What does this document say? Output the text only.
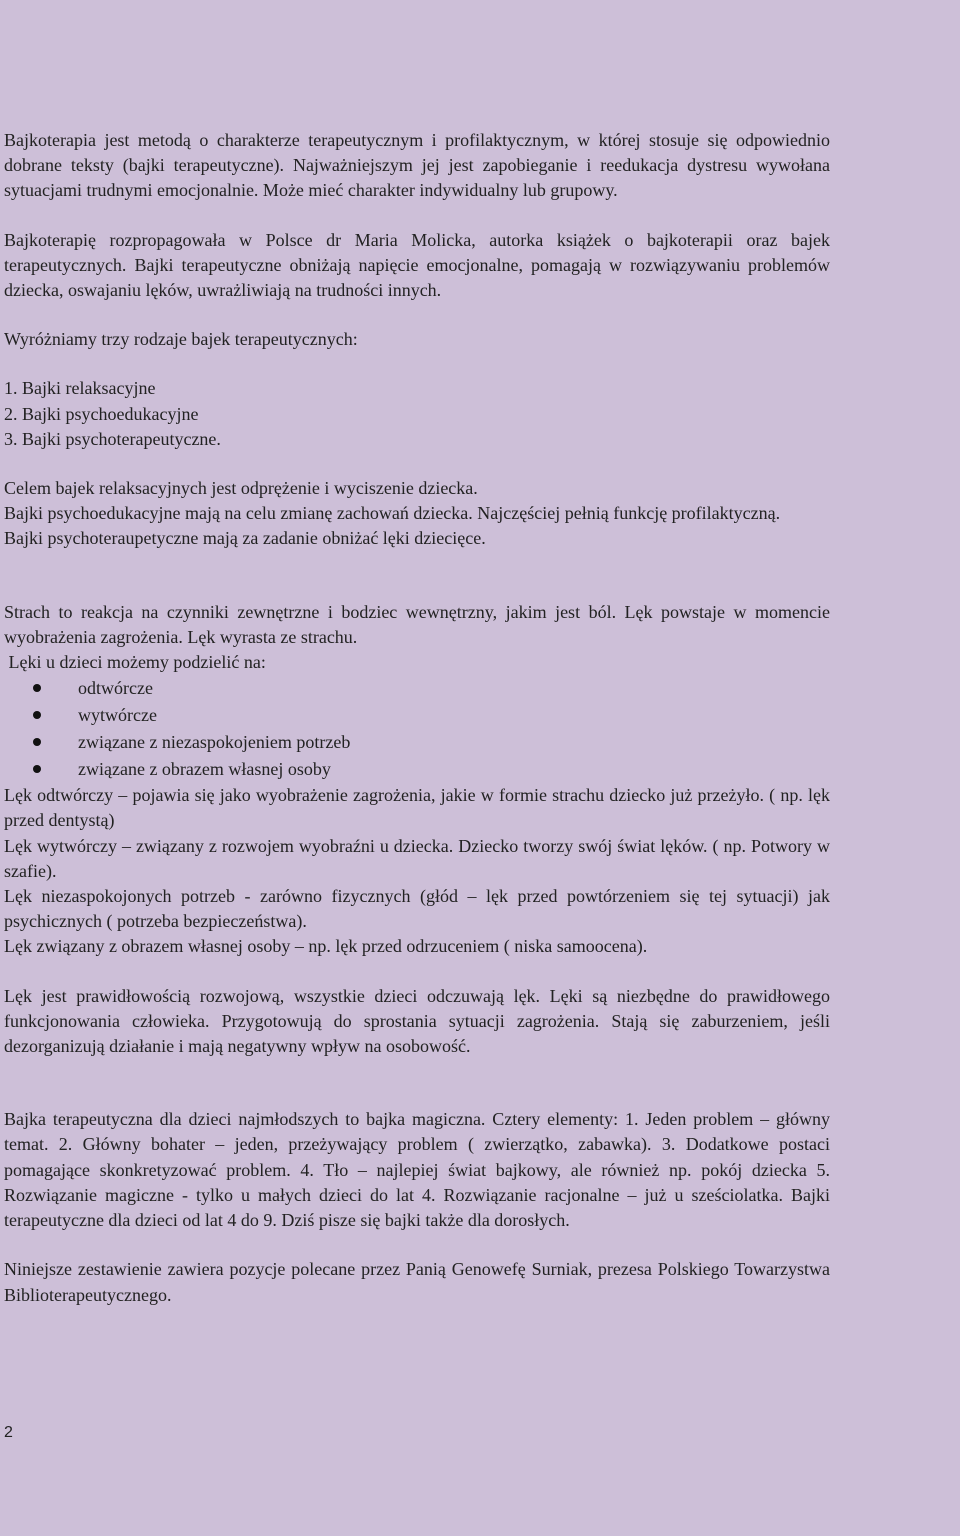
Bajkoterapia jest metodą o charakterze terapeutycznym i profilaktycznym, w której stosuje się odpowiednio dobrane teksty (bajki terapeutyczne). Najważniejszym jej jest zapobieganie i reedukacja dystresu wywołana sytuacjami trudnymi emocjonalnie. Może mieć charakter indywidualny lub grupowy.

Bajkoterapię rozpropagowała w Polsce dr Maria Molicka, autorka książek o bajkoterapii oraz bajek terapeutycznych. Bajki terapeutyczne obniżają napięcie emocjonalne, pomagają w rozwiązywaniu problemów dziecka, oswajaniu lęków, uwrażliwiają na trudności innych.

Wyróżniamy trzy rodzaje bajek terapeutycznych:

1. Bajki relaksacyjne
2. Bajki psychoedukacyjne
3. Bajki psychoterapeutyczne.

Celem bajek relaksacyjnych jest odprężenie i wyciszenie dziecka.

Bajki psychoedukacyjne mają na celu zmianę zachowań dziecka. Najczęściej pełnią funkcję profilaktyczną.

Bajki psychoteraupetyczne mają za zadanie obniżać lęki dziecięce.

Strach to reakcja na czynniki zewnętrzne i bodziec wewnętrzny, jakim jest ból. Lęk powstaje w momencie wyobrażenia zagrożenia. Lęk wyrasta ze strachu.

Lęki u dzieci możemy podzielić na:

odtwórcze
wytwórcze
związane z niezaspokojeniem potrzeb
związane z obrazem własnej osoby

Lęk odtwórczy – pojawia się jako wyobrażenie zagrożenia, jakie w formie strachu dziecko już przeżyło. ( np. lęk przed dentystą)

Lęk wytwórczy – związany z rozwojem wyobraźni u dziecka. Dziecko tworzy swój świat lęków. ( np. Potwory w szafie).

Lęk niezaspokojonych potrzeb - zarówno fizycznych (głód – lęk przed powtórzeniem się tej sytuacji) jak psychicznych ( potrzeba bezpieczeństwa).

Lęk związany z obrazem własnej osoby – np. lęk przed odrzuceniem ( niska samoocena).

Lęk jest prawidłowością rozwojową, wszystkie dzieci odczuwają lęk. Lęki są niezbędne do prawidłowego funkcjonowania człowieka. Przygotowują do sprostania sytuacji zagrożenia. Stają się zaburzeniem, jeśli dezorganizują działanie i mają negatywny wpływ na osobowość.

Bajka terapeutyczna dla dzieci najmłodszych to bajka magiczna. Cztery elementy: 1. Jeden problem – główny temat. 2. Główny bohater – jeden, przeżywający problem ( zwierzątko, zabawka). 3. Dodatkowe postaci pomagające skonkretyzować problem. 4. Tło – najlepiej świat bajkowy, ale również np. pokój dziecka 5. Rozwiązanie magiczne - tylko u małych dzieci do lat 4. Rozwiązanie racjonalne – już u sześciolatka. Bajki terapeutyczne dla dzieci od lat 4 do 9. Dziś pisze się bajki także dla dorosłych.

Niniejsze zestawienie zawiera pozycje polecane przez Panią Genowefę Surniak, prezesa Polskiego Towarzystwa Biblioterapeutycznego.

2
